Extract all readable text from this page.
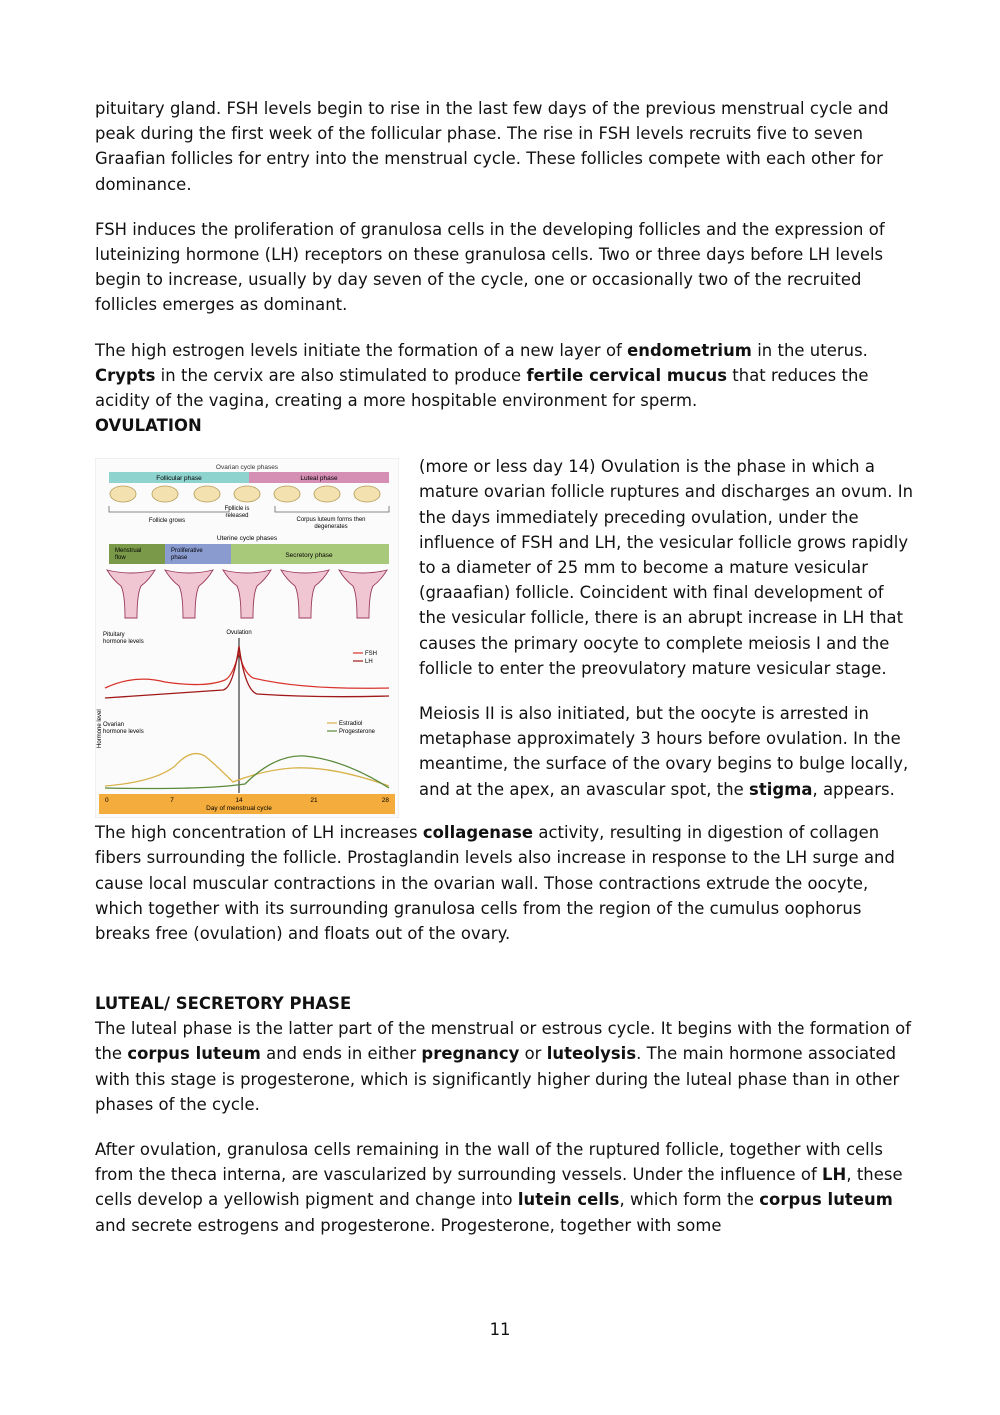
pituitary gland. FSH levels begin to rise in the last few days of the previous menstrual cycle and peak during the first week of the follicular phase. The rise in FSH levels recruits five to seven Graafian follicles for entry into the menstrual cycle. These follicles compete with each other for dominance.

FSH induces the proliferation of granulosa cells in the developing follicles and the expression of luteinizing hormone (LH) receptors on these granulosa cells. Two or three days before LH levels begin to increase, usually by day seven of the cycle, one or occasionally two of the recruited follicles emerges as dominant.

The high estrogen levels initiate the formation of a new layer of endometrium in the uterus. Crypts in the cervix are also stimulated to produce fertile cervical mucus that reduces the acidity of the vagina, creating a more hospitable environment for sperm.

OVULATION

Ovarian cycle phases
Follicular phase	Luteal phase
Follicle grows
Follicle is
released
Corpus luteum forms then
degenerates
Uterine cycle phases
Menstrual
flow
Proliferative
phase	Secretory phase
Pituitary
hormone levels
Ovulation
FSH
LH
Hormone level Ovarian
hormone levels
Estradiol
Progesterone
0	7	14	21	28
Day of menstrual cycle

(more or less day 14) Ovulation is the phase in which a mature ovarian follicle ruptures and discharges an ovum. In the days immediately preceding ovulation, under the influence of FSH and LH, the vesicular follicle grows rapidly to a diameter of 25 mm to become a mature vesicular (graaafian) follicle. Coincident with final development of the vesicular follicle, there is an abrupt increase in LH that causes the primary oocyte to complete meiosis I and the follicle to enter the preovulatory mature vesicular stage.

Meiosis II is also initiated, but the oocyte is arrested in metaphase approximately 3 hours before ovulation. In the meantime, the surface of the ovary begins to bulge locally, and at the apex, an avascular spot, the stigma, appears.

The high concentration of LH increases collagenase activity, resulting in digestion of collagen fibers surrounding the follicle. Prostaglandin levels also increase in response to the LH surge and cause local muscular contractions in the ovarian wall. Those contractions extrude the oocyte, which together with its surrounding granulosa cells from the region of the cumulus oophorus breaks free (ovulation) and floats out of the ovary.

LUTEAL/ SECRETORY PHASE

The luteal phase is the latter part of the menstrual or estrous cycle. It begins with the formation of the corpus luteum and ends in either pregnancy or luteolysis. The main hormone associated with this stage is progesterone, which is significantly higher during the luteal phase than in other phases of the cycle.

After ovulation, granulosa cells remaining in the wall of the ruptured follicle, together with cells from the theca interna, are vascularized by surrounding vessels. Under the influence of LH, these cells develop a yellowish pigment and change into lutein cells, which form the corpus luteum and secrete estrogens and progesterone. Progesterone, together with some

11
